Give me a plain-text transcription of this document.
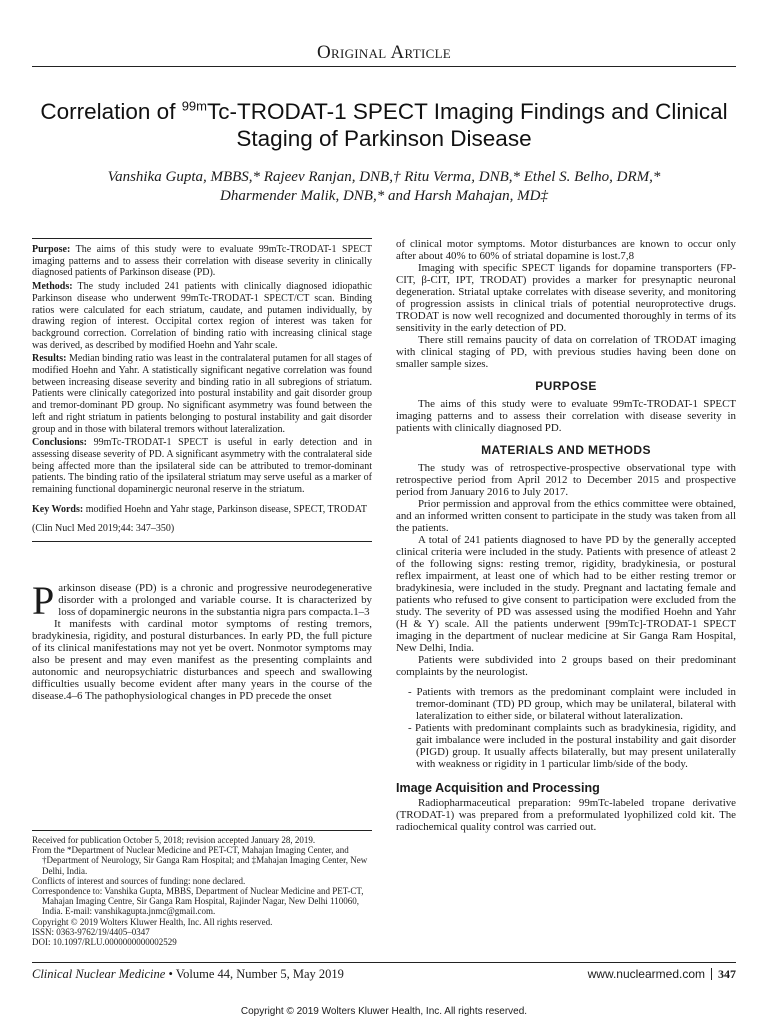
Original Article
Correlation of $^{99m}$Tc-TRODAT-1 SPECT Imaging Findings and Clinical Staging of Parkinson Disease
Vanshika Gupta, MBBS,* Rajeev Ranjan, DNB,† Ritu Verma, DNB,* Ethel S. Belho, DRM,*
Dharmender Malik, DNB,* and Harsh Mahajan, MD‡

Purpose: The aims of this study were to evaluate 99mTc-TRODAT-1 SPECT imaging patterns and to assess their correlation with disease severity in clinically diagnosed patients of Parkinson disease (PD).

Methods: The study included 241 patients with clinically diagnosed idiopathic Parkinson disease who underwent 99mTc-TRODAT-1 SPECT/CT scan. Binding ratios were calculated for each striatum, caudate, and putamen individually, by drawing region of interest. Occipital cortex region of interest was taken for background correction. Correlation of binding ratio with increasing clinical stage was derived, as described by modified Hoehn and Yahr scale.

Results: Median binding ratio was least in the contralateral putamen for all stages of modified Hoehn and Yahr. A statistically significant negative correlation was found between increasing disease severity and binding ratio in all subregions of striatum. Patients were clinically categorized into postural instability and gait disorder group and tremor-dominant PD group. No significant asymmetry was found between the left and right striatum in patients belonging to postural instability and gait disorder group and in those with bilateral tremors without lateralization.

Conclusions: 99mTc-TRODAT-1 SPECT is useful in early detection and in assessing disease severity of PD. A significant asymmetry with the contralateral side being affected more than the ipsilateral side can be attributed to tremor-dominant patients. The binding ratio of the ipsilateral striatum may serve useful as a marker of remaining functional dopaminergic neuronal reserve in the striatum.

Key Words: modified Hoehn and Yahr stage, Parkinson disease, SPECT, TRODAT

(Clin Nucl Med 2019;44: 347–350)

Parkinson disease (PD) is a chronic and progressive neurodegenerative disorder with a prolonged and variable course. It is characterized by loss of dopaminergic neurons in the substantia nigra pars compacta.1–3

It manifests with cardinal motor symptoms of resting tremors, bradykinesia, rigidity, and postural disturbances. In early PD, the full picture of its clinical manifestations may not yet be overt. Nonmotor symptoms may also be present and may even manifest as the presenting complaints and autonomic and neuropsychiatric disturbances and speech and swallowing difficulties usually become evident after many years in the course of the disease.4–6 The pathophysiological changes in PD precede the onset

Received for publication October 5, 2018; revision accepted January 28, 2019.

From the *Department of Nuclear Medicine and PET-CT, Mahajan Imaging Center, and †Department of Neurology, Sir Ganga Ram Hospital; and ‡Mahajan Imaging Center, New Delhi, India.

Conflicts of interest and sources of funding: none declared.

Correspondence to: Vanshika Gupta, MBBS, Department of Nuclear Medicine and PET-CT, Mahajan Imaging Centre, Sir Ganga Ram Hospital, Rajinder Nagar, New Delhi 110060, India. E-mail: vanshikagupta.jnmc@gmail.com.

Copyright © 2019 Wolters Kluwer Health, Inc. All rights reserved.

ISSN: 0363-9762/19/4405–0347

DOI: 10.1097/RLU.0000000000002529

of clinical motor symptoms. Motor disturbances are known to occur only after about 40% to 60% of striatal dopamine is lost.7,8

Imaging with specific SPECT ligands for dopamine transporters (FP-CIT, β-CIT, IPT, TRODAT) provides a marker for presynaptic neuronal degeneration. Striatal uptake correlates with disease severity, and monitoring of progression assists in clinical trials of potential neuroprotective drugs. TRODAT is now well recognized and documented thoroughly in terms of its sensitivity in the early detection of PD.

There still remains paucity of data on correlation of TRODAT imaging with clinical staging of PD, with previous studies having been done on smaller sample sizes.

PURPOSE

The aims of this study were to evaluate 99mTc-TRODAT-1 SPECT imaging patterns and to assess their correlation with disease severity in patients with clinically diagnosed PD.

MATERIALS AND METHODS

The study was of retrospective-prospective observational type with retrospective period from April 2012 to December 2015 and prospective period from January 2016 to July 2017.

Prior permission and approval from the ethics committee were obtained, and an informed written consent to participate in the study was taken from all the patients.

A total of 241 patients diagnosed to have PD by the generally accepted clinical criteria were included in the study. Patients with presence of atleast 2 of the following signs: resting tremor, rigidity, bradykinesia, or postural reflex impairment, at least one of which had to be either resting tremor or bradykinesia, were included in the study. Pregnant and lactating female and patients who refused to give consent to participation were excluded from the study. The severity of PD was assessed using the modified Hoehn and Yahr (H & Y) scale. All the patients underwent [99mTc]-TRODAT-1 SPECT imaging in the department of nuclear medicine at Sir Ganga Ram Hospital, New Delhi, India.

Patients were subdivided into 2 groups based on their predominant complaints by the neurologist.

- Patients with tremors as the predominant complaint were included in tremor-dominant (TD) PD group, which may be unilateral, bilateral with lateralization to either side, or bilateral without lateralization.

- Patients with predominant complaints such as bradykinesia, rigidity, and gait imbalance were included in the postural instability and gait disorder (PIGD) group. It usually affects bilaterally, but may present unilaterally with weakness or rigidity in 1 particular limb/side of the body.

Image Acquisition and Processing

Radiopharmaceutical preparation: 99mTc-labeled tropane derivative (TRODAT-1) was prepared from a preformulated lyophilized cold kit. The radiochemical quality control was carried out.

Clinical Nuclear Medicine • Volume 44, Number 5, May 2019	www.nuclearmed.com 347
Copyright © 2019 Wolters Kluwer Health, Inc. All rights reserved.
